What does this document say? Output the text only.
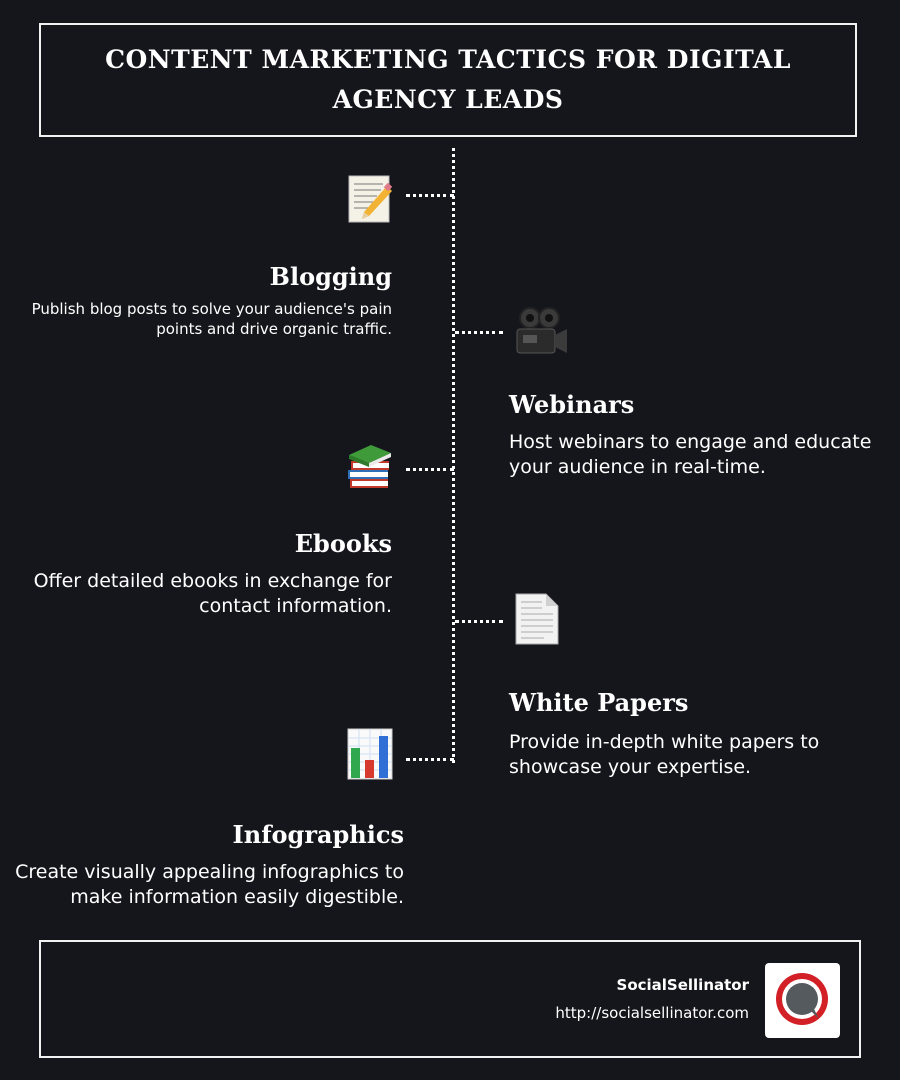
CONTENT MARKETING TACTICS FOR DIGITAL AGENCY LEADS
Blogging

Publish blog posts to solve your audience's pain points and drive organic traffic.

Webinars

Host webinars to engage and educate your audience in real-time.

Ebooks

Offer detailed ebooks in exchange for contact information.

White Papers

Provide in-depth white papers to showcase your expertise.

Infographics

Create visually appealing infographics to make information easily digestible.

SocialSellinator
http://socialsellinator.com
